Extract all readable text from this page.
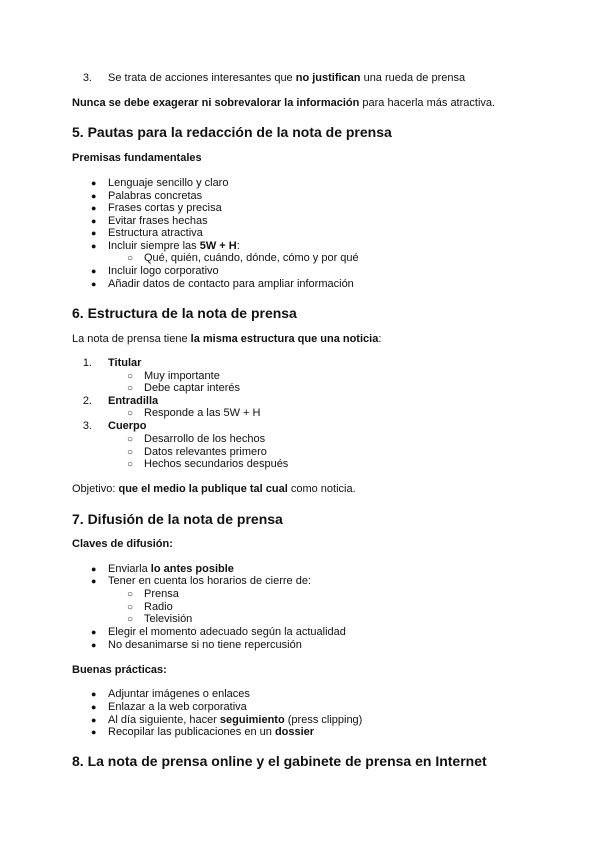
3. Se trata de acciones interesantes que no justifican una rueda de prensa
Nunca se debe exagerar ni sobrevalorar la información para hacerla más atractiva.
5. Pautas para la redacción de la nota de prensa
Premisas fundamentales
● Lenguaje sencillo y claro
● Palabras concretas
● Frases cortas y precisa
● Evitar frases hechas
● Estructura atractiva
● Incluir siempre las 5W + H:
○ Qué, quién, cuándo, dónde, cómo y por qué
● Incluir logo corporativo
● Añadir datos de contacto para ampliar información
6. Estructura de la nota de prensa
La nota de prensa tiene la misma estructura que una noticia:
1. Titular
○ Muy importante
○ Debe captar interés
2. Entradilla
○ Responde a las 5W + H
3. Cuerpo
○ Desarrollo de los hechos
○ Datos relevantes primero
○ Hechos secundarios después
Objetivo: que el medio la publique tal cual como noticia.
7. Difusión de la nota de prensa
Claves de difusión:
● Enviarla lo antes posible
● Tener en cuenta los horarios de cierre de:
○ Prensa
○ Radio
○ Televisión
● Elegir el momento adecuado según la actualidad
● No desanimarse si no tiene repercusión
Buenas prácticas:
● Adjuntar imágenes o enlaces
● Enlazar a la web corporativa
● Al día siguiente, hacer seguimiento (press clipping)
● Recopilar las publicaciones en un dossier
8. La nota de prensa online y el gabinete de prensa en Internet
